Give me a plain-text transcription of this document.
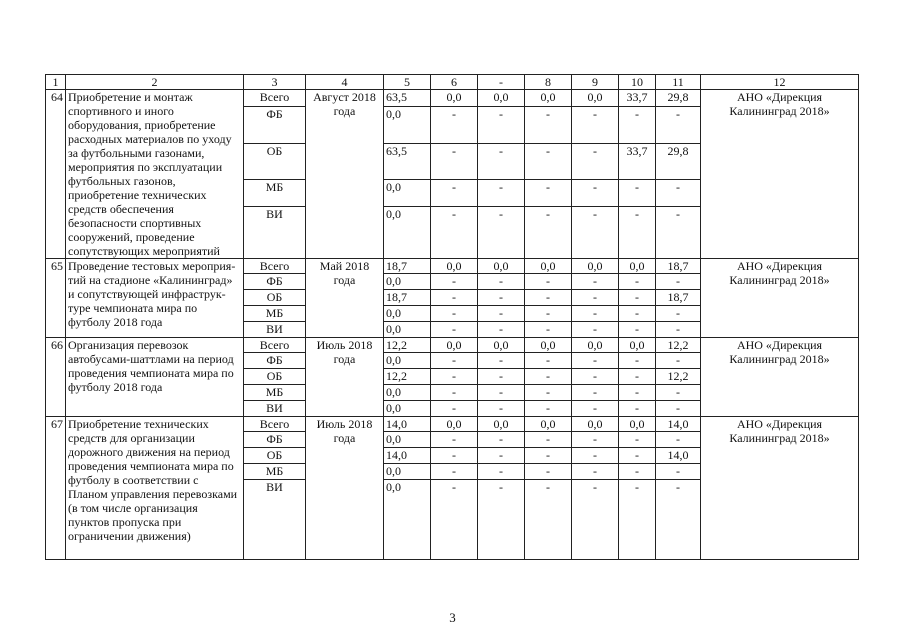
1	2	3	4	5	6	-	8	9	10	11	12
64	Приобретение и монтаж спортивного и иного оборудования, приобретение расходных материалов по уходу за футбольными газонами, мероприятия по эксплуатации футбольных газонов, приобретение технических средств обеспечения безопасности спортивных сооружений, проведение сопутствующих мероприятий	Всего	Август 2018 года	63,5	0,0	0,0	0,0	0,0	33,7	29,8	АНО «Дирекция Калининград 2018»
		ФБ		0,0	-	-	-	-	-	-	
		ОБ		63,5	-	-	-	-	33,7	29,8	
		МБ		0,0	-	-	-	-	-	-	
		ВИ		0,0	-	-	-	-	-	-	
65	Проведение тестовых мероприя-тий на стадионе «Калининград» и сопутствующей инфраструк-туре чемпионата мира по футболу 2018 года	Всего	Май 2018 года	18,7	0,0	0,0	0,0	0,0	0,0	18,7	АНО «Дирекция Калининград 2018»
		ФБ		0,0	-	-	-	-	-	-	
		ОБ		18,7	-	-	-	-	-	18,7	
		МБ		0,0	-	-	-	-	-	-	
		ВИ		0,0	-	-	-	-	-	-	
66	Организация перевозок автобусами-шаттлами на период проведения чемпионата мира по футболу 2018 года	Всего	Июль 2018 года	12,2	0,0	0,0	0,0	0,0	0,0	12,2	АНО «Дирекция Калининград 2018»
		ФБ		0,0	-	-	-	-	-	-	
		ОБ		12,2	-	-	-	-	-	12,2	
		МБ		0,0	-	-	-	-	-	-	
		ВИ		0,0	-	-	-	-	-	-	
67	Приобретение технических средств для организации дорожного движения на период проведения чемпионата мира по футболу в соответствии с Планом управления перевозками (в том числе организация пунктов пропуска при ограничении движения)	Всего	Июль 2018 года	14,0	0,0	0,0	0,0	0,0	0,0	14,0	АНО «Дирекция Калининград 2018»
		ФБ		0,0	-	-	-	-	-	-	
		ОБ		14,0	-	-	-	-	-	14,0	
		МБ		0,0	-	-	-	-	-	-	
		ВИ		0,0	-	-	-	-	-	-	
3
